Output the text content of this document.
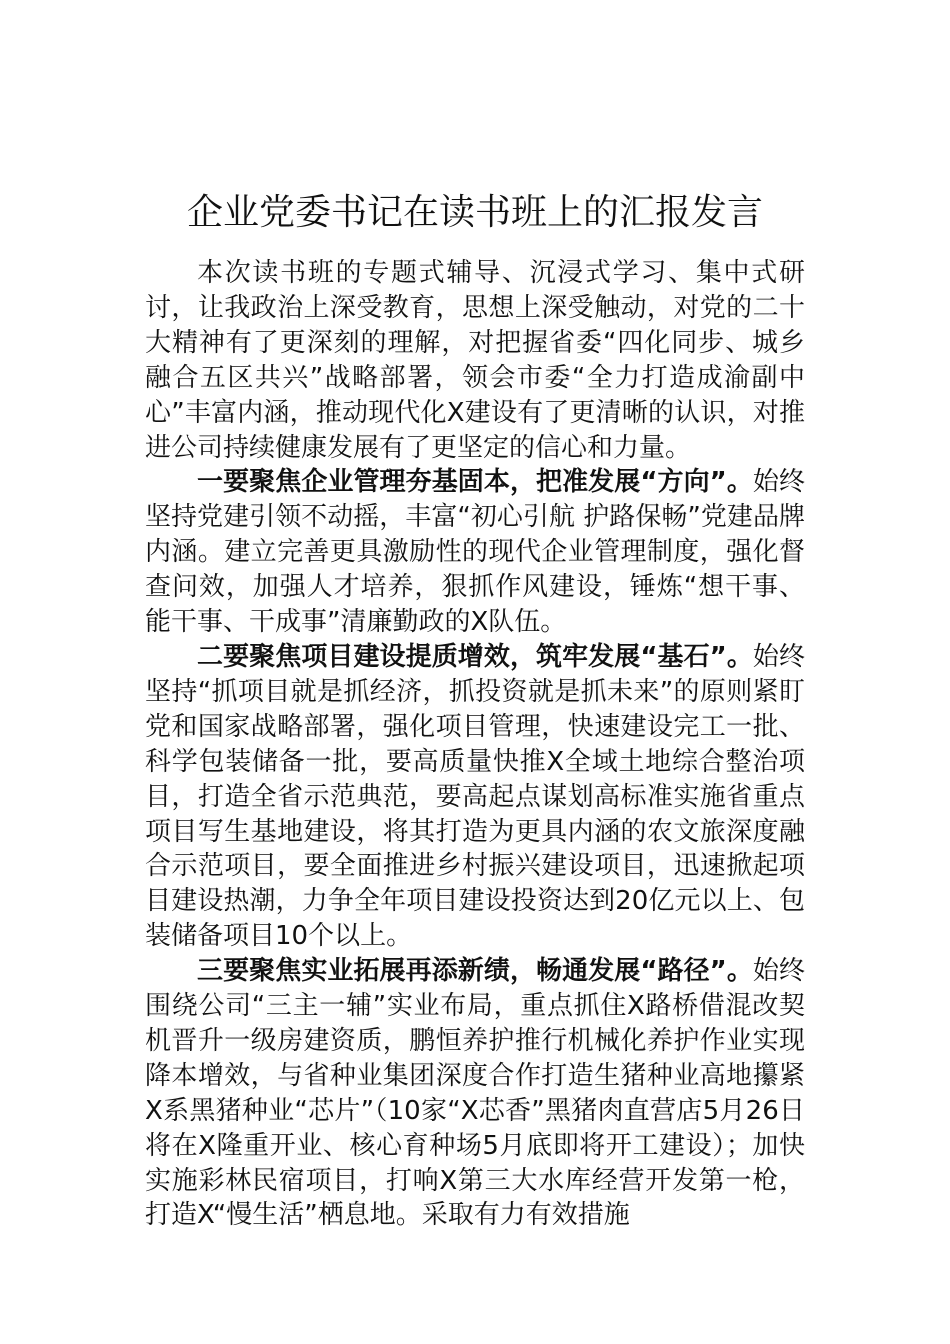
企业党委书记在读书班上的汇报发言

本次读书班的专题式辅导、沉浸式学习、集中式研讨，让我政治上深受教育，思想上深受触动，对党的二十大精神有了更深刻的理解，对把握省委“四化同步、城乡融合五区共兴”战略部署，领会市委“全力打造成渝副中心”丰富内涵，推动现代化X建设有了更清晰的认识，对推进公司持续健康发展有了更坚定的信心和力量。

一要聚焦企业管理夯基固本，把准发展“方向”。始终坚持党建引领不动摇，丰富“初心引航 护路保畅”党建品牌内涵。建立完善更具激励性的现代企业管理制度，强化督查问效，加强人才培养，狠抓作风建设，锤炼“想干事、能干事、干成事”清廉勤政的X队伍。

二要聚焦项目建设提质增效，筑牢发展“基石”。始终坚持“抓项目就是抓经济，抓投资就是抓未来”的原则紧盯党和国家战略部署，强化项目管理，快速建设完工一批、科学包装储备一批，要高质量快推X全域土地综合整治项目，打造全省示范典范，要高起点谋划高标准实施省重点项目写生基地建设，将其打造为更具内涵的农文旅深度融合示范项目，要全面推进乡村振兴建设项目，迅速掀起项目建设热潮，力争全年项目建设投资达到20亿元以上、包装储备项目10个以上。

三要聚焦实业拓展再添新绩，畅通发展“路径”。始终围绕公司“三主一辅”实业布局，重点抓住X路桥借混改契机晋升一级房建资质，鹏恒养护推行机械化养护作业实现降本增效，与省种业集团深度合作打造生猪种业高地攥紧X系黑猪种业“芯片”（10家“X芯香”黑猪肉直营店5月26日将在X隆重开业、核心育种场5月底即将开工建设）；加快实施彩林民宿项目，打响X第三大水库经营开发第一枪，打造X“慢生活”栖息地。采取有力有效措施
